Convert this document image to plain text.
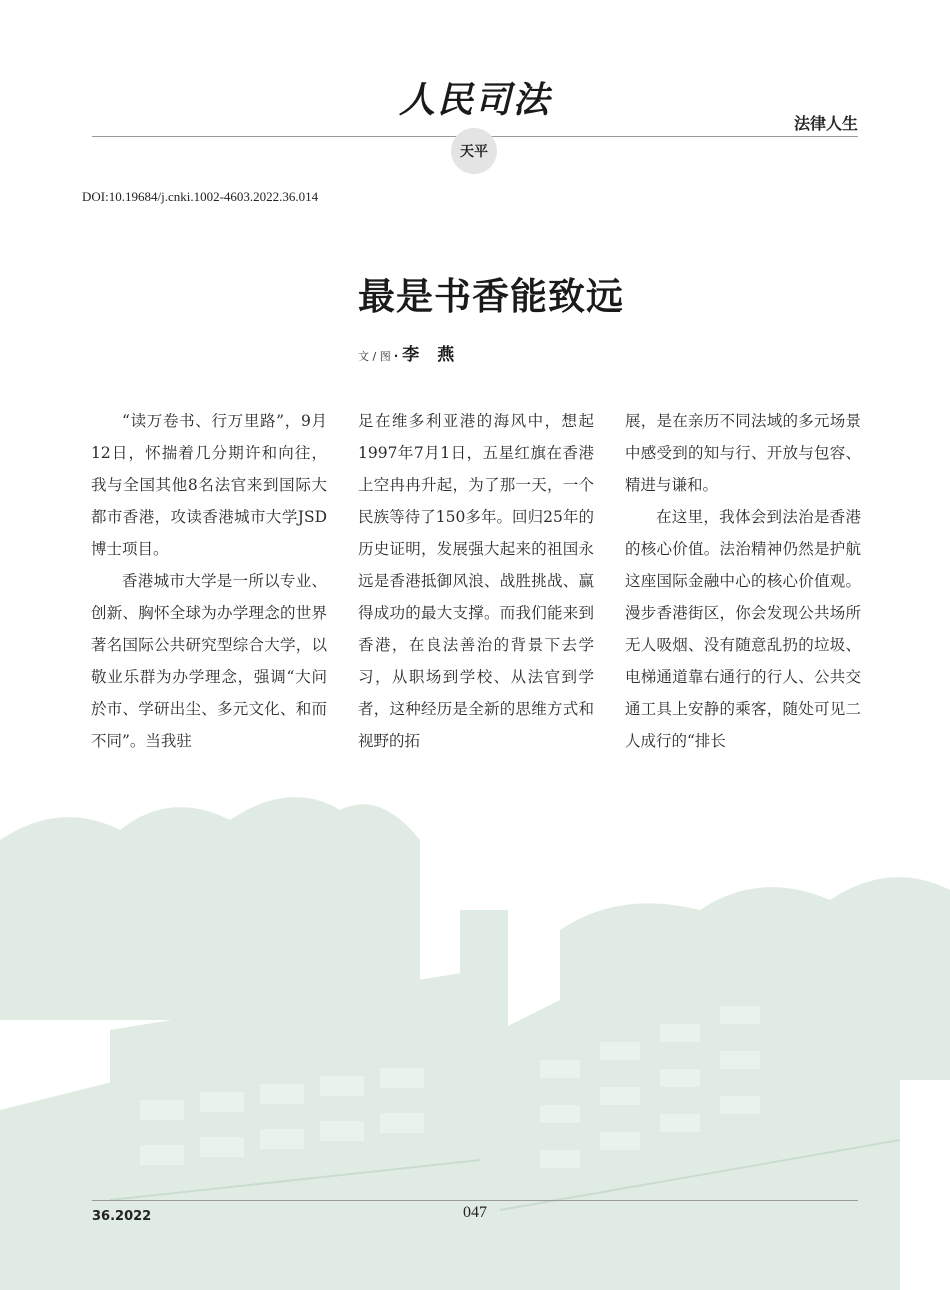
人民司法
法律人生
天平
DOI:10.19684/j.cnki.1002-4603.2022.36.014
最是书香能致远
文 / 图 · 李燕

“读万卷书、行万里路”，9月12日，怀揣着几分期许和向往，我与全国其他8名法官来到国际大都市香港，攻读香港城市大学JSD博士项目。

香港城市大学是一所以专业、创新、胸怀全球为办学理念的世界著名国际公共研究型综合大学，以敬业乐群为办学理念，强调“大问於市、学研出尘、多元文化、和而不同”。当我驻

足在维多利亚港的海风中，想起1997年7月1日，五星红旗在香港上空冉冉升起，为了那一天，一个民族等待了150多年。回归25年的历史证明，发展强大起来的祖国永远是香港抵御风浪、战胜挑战、赢得成功的最大支撑。而我们能来到香港，在良法善治的背景下去学习，从职场到学校、从法官到学者，这种经历是全新的思维方式和视野的拓

展，是在亲历不同法域的多元场景中感受到的知与行、开放与包容、精进与谦和。

在这里，我体会到法治是香港的核心价值。法治精神仍然是护航这座国际金融中心的核心价值观。漫步香港街区，你会发现公共场所无人吸烟、没有随意乱扔的垃圾、电梯通道靠右通行的行人、公共交通工具上安静的乘客，随处可见二人成行的“排长

36.2022	047
